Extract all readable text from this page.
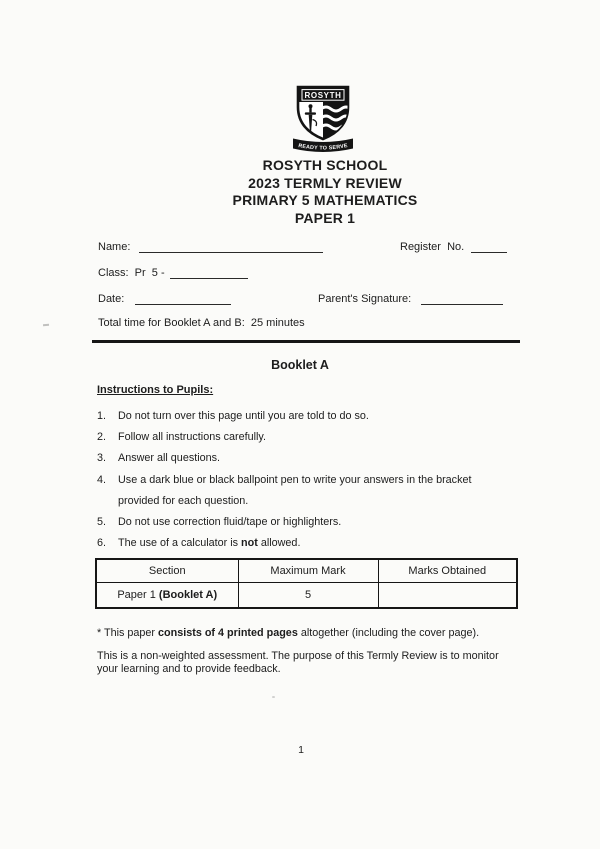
ROSYTH
READY TO SERVE
ROSYTH SCHOOL
2023 TERMLY REVIEW
PRIMARY 5 MATHEMATICS
PAPER 1
Name:	Register  No.
Class:  Pr  5 -
Date:	Parent's Signature:
Total time for Booklet A and B:  25 minutes
Booklet A
Instructions to Pupils:
1. Do not turn over this page until you are told to do so.
2. Follow all instructions carefully.
3. Answer all questions.
4. Use a dark blue or black ballpoint pen to write your answers in the bracket
provided for each question.
5. Do not use correction fluid/tape or highlighters.
6. The use of a calculator is not allowed.
Section	Maximum Mark	Marks Obtained
Paper 1 (Booklet A)	5	
* This paper consists of 4 printed pages altogether (including the cover page).
This is a non-weighted assessment. The purpose of this Termly Review is to monitor
your learning and to provide feedback.
1
